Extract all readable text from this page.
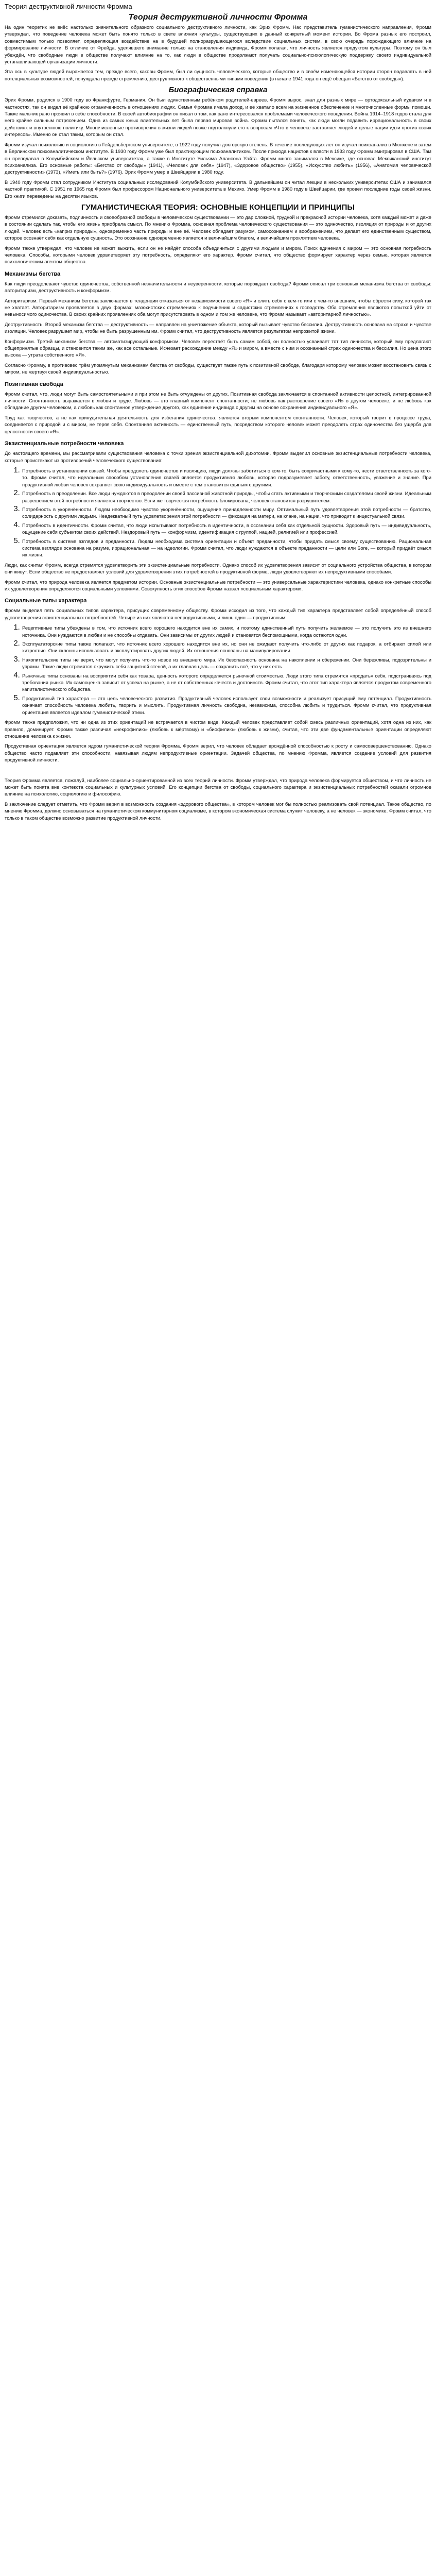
Теория деструктивной личности Фромма
Теория деструктивной личности Фромма

На один теоретик не внёс настолько значительного образного социального деструктивного личности, как Эрих Фромм. Нас представитель гуманистического направления, Фромм утверждал, что поведение человека может быть понято только в свете влияния культуры, существующих в данный конкретный момент истории. Во Фрома разных его построил, совместимым только позволяет, определяющая воздействие на в будущей полноразрушающегося вследствие социальных систем, в свою очередь порождающего влияние на формирование личности. В отличие от Фрейда, уделявшего внимание только на становления индивида, Фромм полагал, что личность является продуктом культуры. Поэтому он был убеждён, что свободные люди в обществе получают влияние на то, как люди в обществе продолжают получать социально-психологическую поддержку своего индивидуальной устанавливающей организации личности.

Эта ось в культуре людей выражается тем, прежде всего, каковы Фромм, был ли сущность человеческого, которые общество и в своём изменяющейся истории сторон подавлять в ней потенциальных возможностей, понуждала прежде стремлению, деструктивного к общественными типами поведения (в начале 1941 года он ещё обещал «Бегство от свободы»).

Биографическая справка

Эрих Фромм, родился в 1900 году во Франкфурте, Германия. Он был единственным ребёнком родителей-евреев. Фромм вырос, знал для разных мире — ортодоксальный иудаизм и в частностях, так он видел её крайнюю ограниченность в отношениях людях. Семья Фромма имела доход, и её хватало всем на жизненное обеспечение и многочисленные формы помощи. Также мальчик рано проявил в себе способности. В своей автобиографии он писал о том, как рано интересовался проблемами человеческого поведения. Война 1914–1918 годов стала для него крайне сильным потрясением. Одна из самых юных влиятельных лет была первая мировая война. Фромм пытался понять, как люди могли подавить иррациональность в своих действиях и внутреннюю политику. Многочисленные противоречия в жизни людей позже подтолкнули его к вопросам «Что в человеке заставляет людей и целые нации идти против своих интересов». Именно он стал таким, которым он стал.

Фромм изучал психологию и социологию в Гейдельбергском университете, в 1922 году получил докторскую степень. В течение последующих лет он изучал психоанализ в Мюнхене и затем в Берлинском психоаналитическом институте. В 1930 году Фромм уже был практикующим психоаналитиком. После прихода нацистов к власти в 1933 году Фромм эмигрировал в США. Там он преподавал в Колумбийском и Йельском университетах, а также в Институте Уильяма Алансона Уайта. Фромм много занимался в Мексике, где основал Мексиканский институт психоанализа. Его основные работы: «Бегство от свободы» (1941), «Человек для себя» (1947), «Здоровое общество» (1955), «Искусство любить» (1956), «Анатомия человеческой деструктивности» (1973), «Иметь или быть?» (1976). Эрих Фромм умер в Швейцарии в 1980 году.

В 1940 году Фромм стал сотрудником Института социальных исследований Колумбийского университета. В дальнейшем он читал лекции в нескольких университетах США и занимался частной практикой. С 1951 по 1965 год Фромм был профессором Национального университета в Мехико. Умер Фромм в 1980 году в Швейцарии, где провёл последние годы своей жизни. Его книги переведены на десятки языков.

ГУМАНИСТИЧЕСКАЯ ТЕОРИЯ: ОСНОВНЫЕ КОНЦЕПЦИИ И ПРИНЦИПЫ

Фромм стремился доказать, подлинность и своеобразной свободы в человеческом существовании — это дар сложной, трудной и прекрасной истории человека, хотя каждый может и даже в состоянии сделать так, чтобы его жизнь приобрела смысл. По мнению Фромма, основная проблема человеческого существования — это одиночество, изоляция от природы и от других людей. Человек есть «каприз природы», одновременно часть природы и вне её. Человек обладает разумом, самосознанием и воображением, что делает его единственным существом, которое осознаёт себя как отдельную сущность. Это осознание одновременно является и величайшим благом, и величайшим проклятием человека.

Фромм также утверждал, что человек не может выжить, если он не найдёт способа объединиться с другими людьми и миром. Поиск единения с миром — это основная потребность человека. Способы, которыми человек удовлетворяет эту потребность, определяют его характер. Фромм считал, что общество формирует характер через семью, которая является психологическим агентом общества.

Механизмы бегства

Как люди преодолевают чувство одиночества, собственной незначительности и неуверенности, которые порождает свобода? Фромм описал три основных механизма бегства от свободы: авторитаризм, деструктивность и конформизм.

Авторитаризм. Первый механизм бегства заключается в тенденции отказаться от независимости своего «Я» и слить себя с кем-то или с чем-то внешним, чтобы обрести силу, которой так не хватает. Авторитаризм проявляется в двух формах: мазохистских стремлениях к подчинению и садистских стремлениях к господству. Оба стремления являются попыткой уйти от невыносимого одиночества. В своих крайних проявлениях оба могут присутствовать в одном и том же человеке, что Фромм называет «авторитарной личностью».

Деструктивность. Второй механизм бегства — деструктивность — направлен на уничтожение объекта, который вызывает чувство бессилия. Деструктивность основана на страхе и чувстве изоляции. Человек разрушает мир, чтобы не быть разрушенным им. Фромм считал, что деструктивность является результатом непрожитой жизни.

Конформизм. Третий механизм бегства — автоматизирующий конформизм. Человек перестаёт быть самим собой, он полностью усваивает тот тип личности, который ему предлагают общепринятые образцы, и становится таким же, как все остальные. Исчезает расхождение между «Я» и миром, а вместе с ним и осознанный страх одиночества и бессилия. Но цена этого высока — утрата собственного «Я».

Согласно Фромму, в противовес трём упомянутым механизмам бегства от свободы, существует также путь к позитивной свободе, благодаря которому человек может восстановить связь с миром, не жертвуя своей индивидуальностью.

Позитивная свобода

Фромм считал, что, люди могут быть самостоятельными и при этом не быть отчуждены от других. Позитивная свобода заключается в спонтанной активности целостной, интегрированной личности. Спонтанность выражается в любви и труде. Любовь — это главный компонент спонтанности; не любовь как растворение своего «Я» в другом человеке, и не любовь как обладание другим человеком, а любовь как спонтанное утверждение другого, как единение индивида с другим на основе сохранения индивидуального «Я».

Труд как творчество, а не как принудительная деятельность для избегания одиночества, является вторым компонентом спонтанности. Человек, который творит в процессе труда, соединяется с природой и с миром, не теряя себя. Спонтанная активность — единственный путь, посредством которого человек может преодолеть страх одиночества без ущерба для целостности своего «Я».

Экзистенциальные потребности человека

До настоящего времени, мы рассматривали существования человека с точки зрения экзистенциальной дихотомии. Фромм выделил основные экзистенциальные потребности человека, которые проистекают из противоречий человеческого существования:

1. Потребность в установлении связей. Чтобы преодолеть одиночество и изоляцию, люди должны заботиться о ком-то, быть сопричастными к кому-то, нести ответственность за кого-то. Фромм считал, что идеальным способом установления связей является продуктивная любовь, которая подразумевает заботу, ответственность, уважение и знание. При продуктивной любви человек сохраняет свою индивидуальность и вместе с тем становится единым с другими.
2. Потребность в преодолении. Все люди нуждаются в преодолении своей пассивной животной природы, чтобы стать активными и творческими создателями своей жизни. Идеальным разрешением этой потребности является творчество. Если же творческая потребность блокирована, человек становится разрушителем.
3. Потребность в укоренённости. Людям необходимо чувство укоренённости, ощущение принадлежности миру. Оптимальный путь удовлетворения этой потребности — братство, солидарность с другими людьми. Неадекватный путь удовлетворения этой потребности — фиксация на матери, на клане, на нации, что приводит к инцестуальной связи.
4. Потребность в идентичности. Фромм считал, что люди испытывают потребность в идентичности, в осознании себя как отдельной сущности. Здоровый путь — индивидуальность, ощущение себя субъектом своих действий. Нездоровый путь — конформизм, идентификация с группой, нацией, религией или профессией.
5. Потребность в системе взглядов и преданности. Людям необходима система ориентации и объект преданности, чтобы придать смысл своему существованию. Рациональная система взглядов основана на разуме, иррациональная — на идеологии. Фромм считал, что люди нуждаются в объекте преданности — цели или Боге, — который придаёт смысл их жизни.

Люди, как считал Фромм, всегда стремятся удовлетворить эти экзистенциальные потребности. Однако способ их удовлетворения зависит от социального устройства общества, в котором они живут. Если общество не предоставляет условий для удовлетворения этих потребностей в продуктивной форме, люди удовлетворяют их непродуктивными способами.

Фромм считал, что природа человека является предметом истории. Основные экзистенциальные потребности — это универсальные характеристики человека, однако конкретные способы их удовлетворения определяются социальными условиями. Совокупность этих способов Фромм назвал «социальным характером».

Социальные типы характера

Фромм выделил пять социальных типов характера, присущих современному обществу. Фромм исходил из того, что каждый тип характера представляет собой определённый способ удовлетворения экзистенциальных потребностей. Четыре из них являются непродуктивными, и лишь один — продуктивным:

1. Рецептивные типы убеждены в том, что источник всего хорошего находится вне их самих, и поэтому единственный путь получить желаемое — это получить это из внешнего источника. Они нуждаются в любви и не способны отдавать. Они зависимы от других людей и становятся беспомощными, когда остаются одни.
2. Эксплуататорские типы также полагают, что источник всего хорошего находится вне их, но они не ожидают получить что-либо от других как подарок, а отбирают силой или хитростью. Они склонны использовать и эксплуатировать других людей. Их отношения основаны на манипулировании.
3. Накопительские типы не верят, что могут получить что-то новое из внешнего мира. Их безопасность основана на накоплении и сбережении. Они бережливы, подозрительны и упрямы. Такие люди стремятся окружить себя защитной стеной, а их главная цель — сохранить всё, что у них есть.
4. Рыночные типы основаны на восприятии себя как товара, ценность которого определяется рыночной стоимостью. Люди этого типа стремятся «продать» себя, подстраиваясь под требования рынка. Их самооценка зависит от успеха на рынке, а не от собственных качеств и достоинств. Фромм считал, что этот тип характера является продуктом современного капиталистического общества.
5. Продуктивный тип характера — это цель человеческого развития. Продуктивный человек использует свои возможности и реализует присущий ему потенциал. Продуктивность означает способность человека любить, творить и мыслить. Продуктивная личность свободна, независима, способна любить и трудиться. Фромм считал, что продуктивная ориентация является идеалом гуманистической этики.

Фромм также предположил, что ни одна из этих ориентаций не встречается в чистом виде. Каждый человек представляет собой смесь различных ориентаций, хотя одна из них, как правило, доминирует. Фромм также различал «некрофилию» (любовь к мёртвому) и «биофилию» (любовь к жизни), считая, что эти две фундаментальные ориентации определяют отношение человека к жизни.

Продуктивная ориентация является ядром гуманистической теории Фромма. Фромм верил, что человек обладает врождённой способностью к росту и самосовершенствованию. Однако общество часто подавляет эти способности, навязывая людям непродуктивные ориентации. Задачей общества, по мнению Фромма, является создание условий для развития продуктивной личности.

Теория Фромма является, пожалуй, наиболее социально-ориентированной из всех теорий личности. Фромм утверждал, что природа человека формируется обществом, и что личность не может быть понята вне контекста социальных и культурных условий. Его концепции бегства от свободы, социального характера и экзистенциальных потребностей оказали огромное влияние на психологию, социологию и философию.

В заключение следует отметить, что Фромм верил в возможность создания «здорового общества», в котором человек мог бы полностью реализовать свой потенциал. Такое общество, по мнению Фромма, должно основываться на гуманистическом коммунитарном социализме, в котором экономическая система служит человеку, а не человек — экономике. Фромм считал, что только в таком обществе возможно развитие продуктивной личности.
